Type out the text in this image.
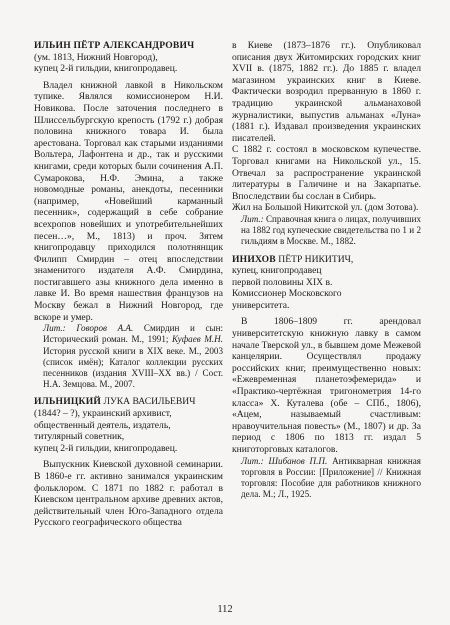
ИЛЬИН ПЁТР АЛЕКСАНДРОВИЧ
(ум. 1813, Нижний Новгород),
купец 2-й гильдии, книгопродавец.

Владел книжной лавкой в Никольском тупике. Являлся комиссионером Н.И. Новикова. После заточения последнего в Шлиссельбургскую крепость (1792 г.) добрая половина книжного товара И. была арестована. Торговал как старыми изданиями Вольтера, Лафонтена и др., так и русскими книгами, среди которых были сочинения А.П. Сумарокова, Н.Ф. Эмина, а также новомодные романы, анекдоты, песенники (например, «Новейший карманный песенник», содержащий в себе собрание всехропов новейших и употребительнейших песен…», М., 1813) и проч. Зятем книгопродавцу приходился полотнянщик Филипп Смирдин – отец впоследствии знаменитого издателя А.Ф. Смирдина, постигавшего азы книжного дела именно в лавке И. Во время нашествия французов на Москву бежал в Нижний Новгород, где вскоре и умер.

Лит.: Говоров А.А. Смирдин и сын: Исторический роман. М., 1991; Куфаев М.Н. История русской книги в XIX веке. М., 2003 (список имён); Каталог коллекции русских песенников (издания XVIII–XX вв.) / Сост. Н.А. Земцова. М., 2007.

ИЛЬНИЦКИЙ ЛУКА ВАСИЛЬЕВИЧ
(1844? – ?), украинский архивист,
общественный деятель, издатель,
титулярный советник,
купец 2-й гильдии, книгопродавец.

Выпускник Киевской духовной семинарии. В 1860-е гг. активно занимался украинским фольклором. С 1871 по 1882 г. работал в Киевском центральном архиве древних актов, действительный член Юго-Западного отдела Русского географического общества

в Киеве (1873–1876 гг.). Опубликовал описания двух Житомирских городских книг XVII в. (1875, 1882 гг.). До 1885 г. владел магазином украинских книг в Киеве. Фактически возродил прерванную в 1860 г. традицию украинской альманаховой журналистики, выпустив альманах «Луна» (1881 г.). Издавал произведения украинских писателей.

С 1882 г. состоял в московском купечестве. Торговал книгами на Никольской ул., 15. Отвечал за распространение украинской литературы в Галичине и на Закарпатье. Впоследствии бы сослан в Сибирь.

Жил на Большой Никитской ул. (дом Зотова).

Лит.: Справочная книга о лицах, получивших на 1882 год купеческие свидетельства по 1 и 2 гильдиям в Москве. М., 1882.

ИНИХОВ ПЁТР НИКИТИЧ,
купец, книгопродавец
первой половины XIX в.
Комиссионер Московского
университета.

В 1806–1809 гг. арендовал университетскую книжную лавку в самом начале Тверской ул., в бывшем доме Межевой канцелярии. Осуществлял продажу российских книг, преимущественно новых: «Ежевременная планетоэфемерида» и «Практико-чертёжная тригонометрия 14-го класса» Х. Куталева (обе – СПб., 1806), «Ацем, называемый счастливым: нравоучительная повесть» (М., 1807) и др. За период с 1806 по 1813 гг. издал 5 книготорговых каталогов.

Лит.: Шибанов П.П. Антикварная книжная торговля в России: [Приложение] // Книжная торговля: Пособие для работников книжного дела. М.; Л., 1925.

112
